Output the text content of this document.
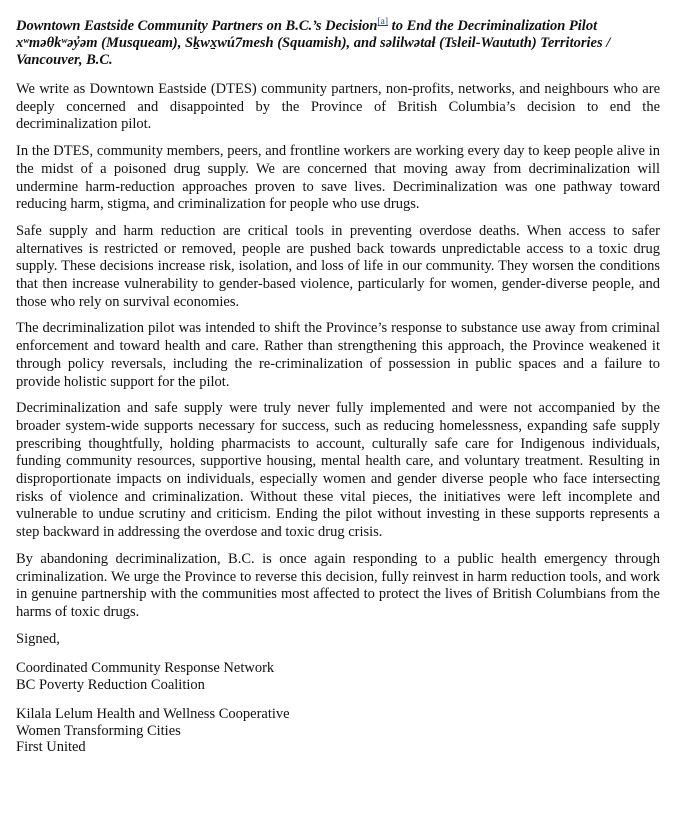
Downtown Eastside Community Partners on B.C.’s Decision[a] to End the Decriminalization Pilot xʷməθkʷəy̓əm (Musqueam), Sḵwx̱wú7mesh (Squamish), and səlilwətaɬ (Tsleil-Waututh) Territories / Vancouver, B.C.

We write as Downtown Eastside (DTES) community partners, non-profits, networks, and neighbours who are deeply concerned and disappointed by the Province of British Columbia’s decision to end the decriminalization pilot.

In the DTES, community members, peers, and frontline workers are working every day to keep people alive in the midst of a poisoned drug supply. We are concerned that moving away from decriminalization will undermine harm-reduction approaches proven to save lives. Decriminalization was one pathway toward reducing harm, stigma, and criminalization for people who use drugs.

Safe supply and harm reduction are critical tools in preventing overdose deaths. When access to safer alternatives is restricted or removed, people are pushed back towards unpredictable access to a toxic drug supply. These decisions increase risk, isolation, and loss of life in our community. They worsen the conditions that then increase vulnerability to gender-based violence, particularly for women, gender-diverse people, and those who rely on survival economies.

The decriminalization pilot was intended to shift the Province’s response to substance use away from criminal enforcement and toward health and care. Rather than strengthening this approach, the Province weakened it through policy reversals, including the re-criminalization of possession in public spaces and a failure to provide holistic support for the pilot.

Decriminalization and safe supply were truly never fully implemented and were not accompanied by the broader system-wide supports necessary for success, such as reducing homelessness, expanding safe supply prescribing thoughtfully, holding pharmacists to account, culturally safe care for Indigenous individuals, funding community resources, supportive housing, mental health care, and voluntary treatment. Resulting in disproportionate impacts on individuals, especially women and gender diverse people who face intersecting risks of violence and criminalization. Without these vital pieces, the initiatives were left incomplete and vulnerable to undue scrutiny and criticism. Ending the pilot without investing in these supports represents a step backward in addressing the overdose and toxic drug crisis.

By abandoning decriminalization, B.C. is once again responding to a public health emergency through criminalization. We urge the Province to reverse this decision, fully reinvest in harm reduction tools, and work in genuine partnership with the communities most affected to protect the lives of British Columbians from the harms of toxic drugs.

Signed,

Coordinated Community Response Network
BC Poverty Reduction Coalition
Kilala Lelum Health and Wellness Cooperative
Women Transforming Cities
First United
